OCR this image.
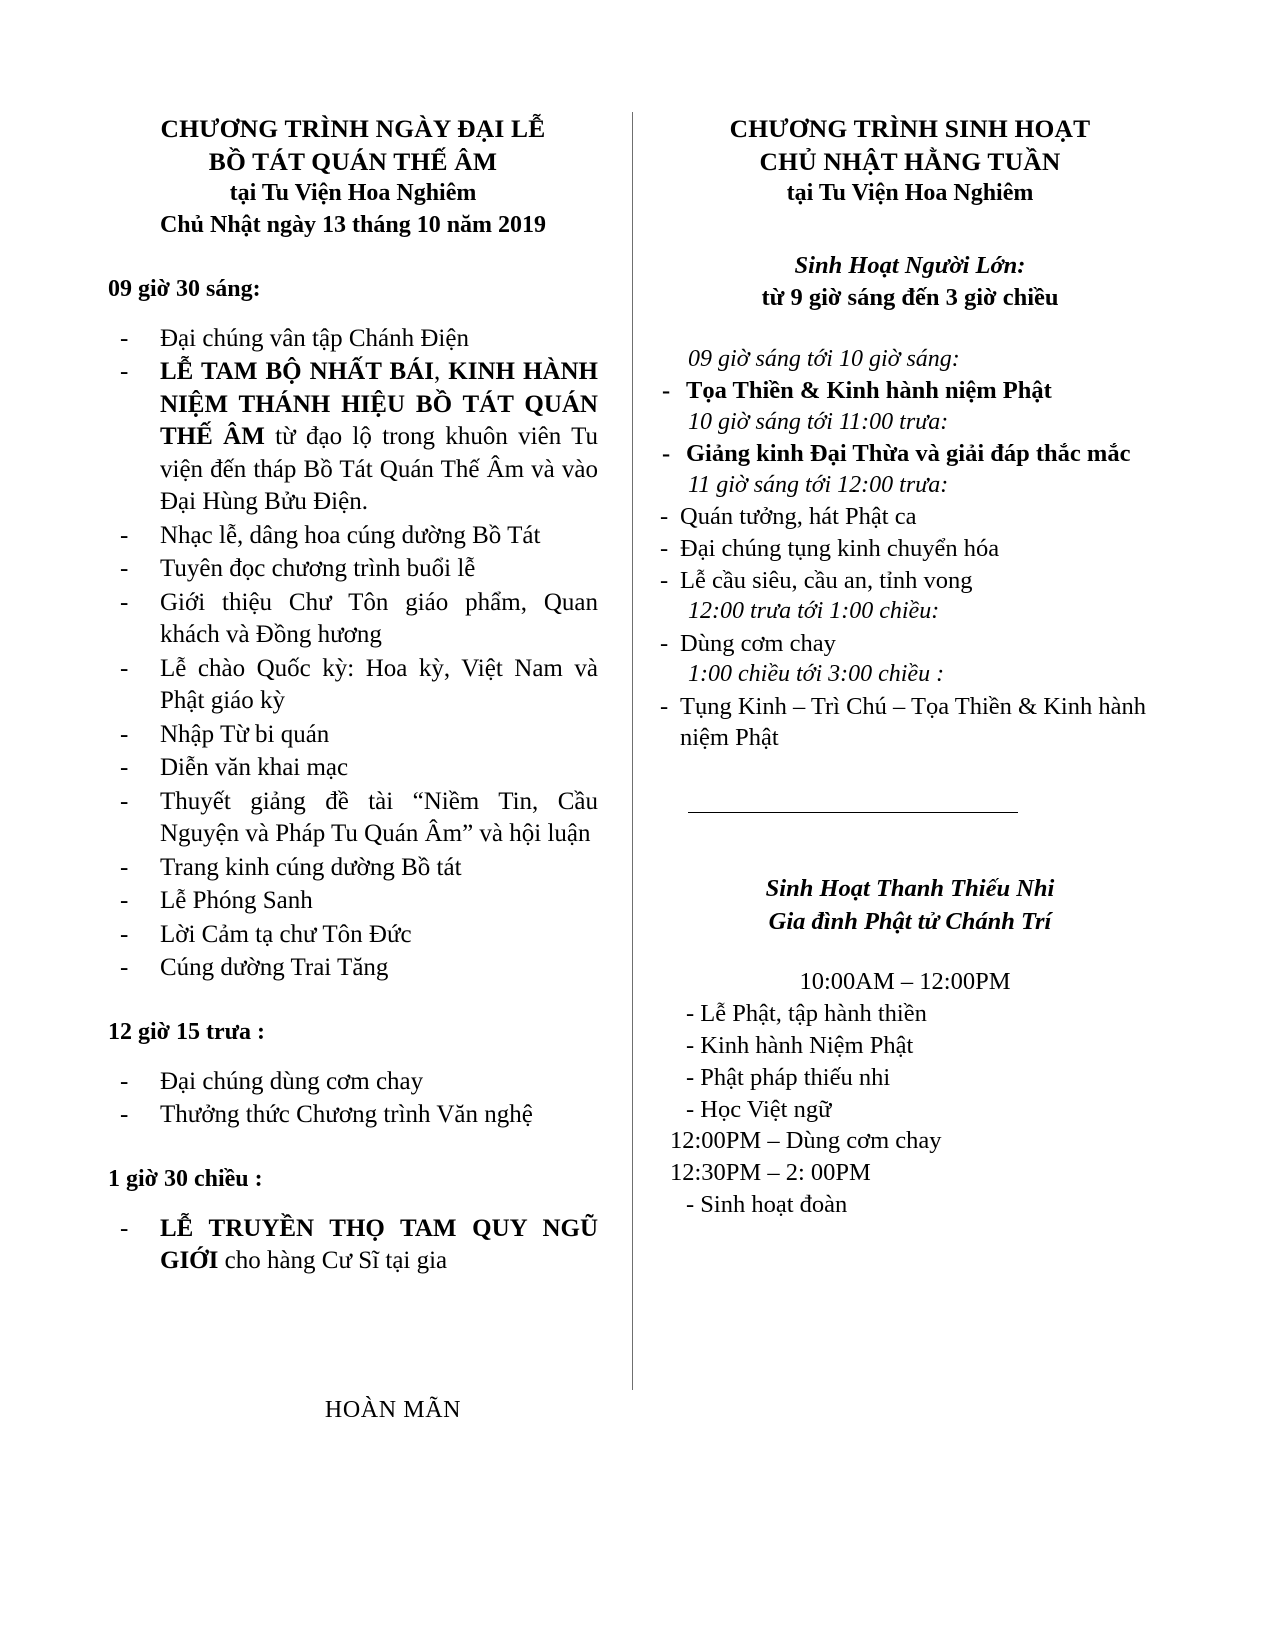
CHƯƠNG TRÌNH NGÀY ĐẠI LỄ
BỒ TÁT QUÁN THẾ ÂM
tại Tu Viện Hoa Nghiêm
Chủ Nhật ngày 13 tháng 10 năm 2019
09 giờ 30 sáng:
- Đại chúng vân tập Chánh Điện
- LỄ TAM BỘ NHẤT BÁI, KINH HÀNH NIỆM THÁNH HIỆU BỒ TÁT QUÁN THẾ ÂM từ đạo lộ trong khuôn viên Tu viện đến tháp Bồ Tát Quán Thế Âm và vào Đại Hùng Bửu Điện.
- Nhạc lễ, dâng hoa cúng dường Bồ Tát
- Tuyên đọc chương trình buổi lễ
- Giới thiệu Chư Tôn giáo phẩm, Quan khách và Đồng hương
- Lễ chào Quốc kỳ: Hoa kỳ, Việt Nam và Phật giáo kỳ
- Nhập Từ bi quán
- Diễn văn khai mạc
- Thuyết giảng đề tài “Niềm Tin, Cầu Nguyện và Pháp Tu Quán Âm” và hội luận
- Trang kinh cúng dường Bồ tát
- Lễ Phóng Sanh
- Lời Cảm tạ chư Tôn Đức
- Cúng dường Trai Tăng
12 giờ 15 trưa :
- Đại chúng dùng cơm chay
- Thưởng thức Chương trình Văn nghệ
1 giờ 30 chiều :
- LỄ TRUYỀN THỌ TAM QUY NGŨ GIỚI cho hàng Cư Sĩ tại gia
HOÀN MÃN
CHƯƠNG TRÌNH SINH HOẠT
CHỦ NHẬT HẰNG TUẦN
tại Tu Viện Hoa Nghiêm
Sinh Hoạt Người Lớn:
từ 9 giờ sáng đến 3 giờ chiều
09 giờ sáng tới 10 giờ sáng:
- Tọa Thiền & Kinh hành niệm Phật
10 giờ sáng tới 11:00 trưa:
- Giảng kinh Đại Thừa và giải đáp thắc mắc
11 giờ sáng tới 12:00 trưa:
- Quán tưởng, hát Phật ca
- Đại chúng tụng kinh chuyển hóa
- Lễ cầu siêu, cầu an, tỉnh vong
12:00 trưa tới 1:00 chiều:
- Dùng cơm chay
1:00 chiều tới 3:00 chiều :
- Tụng Kinh – Trì Chú – Tọa Thiền & Kinh hành niệm Phật
Sinh Hoạt Thanh Thiếu Nhi
Gia đình Phật tử Chánh Trí
10:00AM – 12:00PM
- Lễ Phật, tập hành thiền
- Kinh hành Niệm Phật
- Phật pháp thiếu nhi
- Học Việt ngữ
12:00PM – Dùng cơm chay
12:30PM – 2: 00PM
- Sinh hoạt đoàn
